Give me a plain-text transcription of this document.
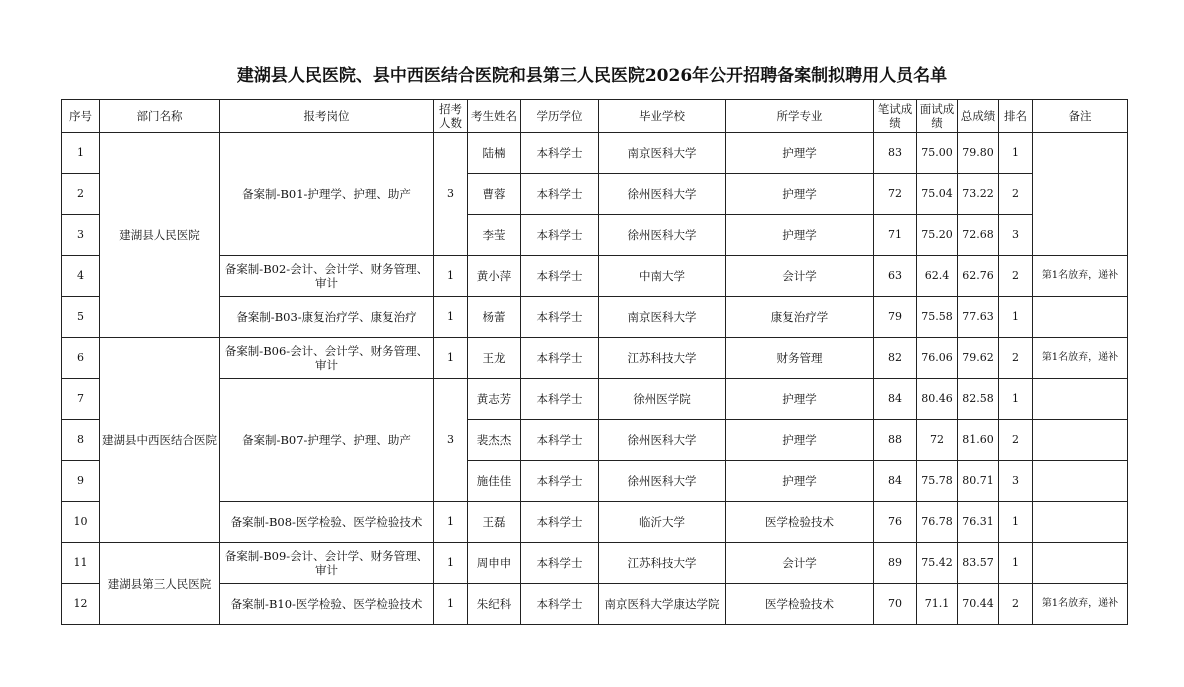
建湖县人民医院、县中西医结合医院和县第三人民医院2026年公开招聘备案制拟聘用人员名单
序号	部门名称	报考岗位	招考人数	考生姓名	学历学位	毕业学校	所学专业	笔试成绩	面试成绩	总成绩	排名	备注
1	建湖县人民医院	备案制-B01-护理学、护理、助产	3	陆楠	本科学士	南京医科大学	护理学	83	75.00	79.80	1	
2				曹蓉	本科学士	徐州医科大学	护理学	72	75.04	73.22	2	
3				李莹	本科学士	徐州医科大学	护理学	71	75.20	72.68	3	
4		备案制-B02-会计、会计学、财务管理、审计	1	黄小萍	本科学士	中南大学	会计学	63	62.4	62.76	2	第1名放弃，递补
5		备案制-B03-康复治疗学、康复治疗	1	杨蕾	本科学士	南京医科大学	康复治疗学	79	75.58	77.63	1	
6	建湖县中西医结合医院	备案制-B06-会计、会计学、财务管理、审计	1	王龙	本科学士	江苏科技大学	财务管理	82	76.06	79.62	2	第1名放弃，递补
7		备案制-B07-护理学、护理、助产	3	黄志芳	本科学士	徐州医学院	护理学	84	80.46	82.58	1	
8				裴杰杰	本科学士	徐州医科大学	护理学	88	72	81.60	2	
9				施佳佳	本科学士	徐州医科大学	护理学	84	75.78	80.71	3	
10		备案制-B08-医学检验、医学检验技术	1	王磊	本科学士	临沂大学	医学检验技术	76	76.78	76.31	1	
11	建湖县第三人民医院	备案制-B09-会计、会计学、财务管理、审计	1	周申申	本科学士	江苏科技大学	会计学	89	75.42	83.57	1	
12		备案制-B10-医学检验、医学检验技术	1	朱纪科	本科学士	南京医科大学康达学院	医学检验技术	70	71.1	70.44	2	第1名放弃，递补
